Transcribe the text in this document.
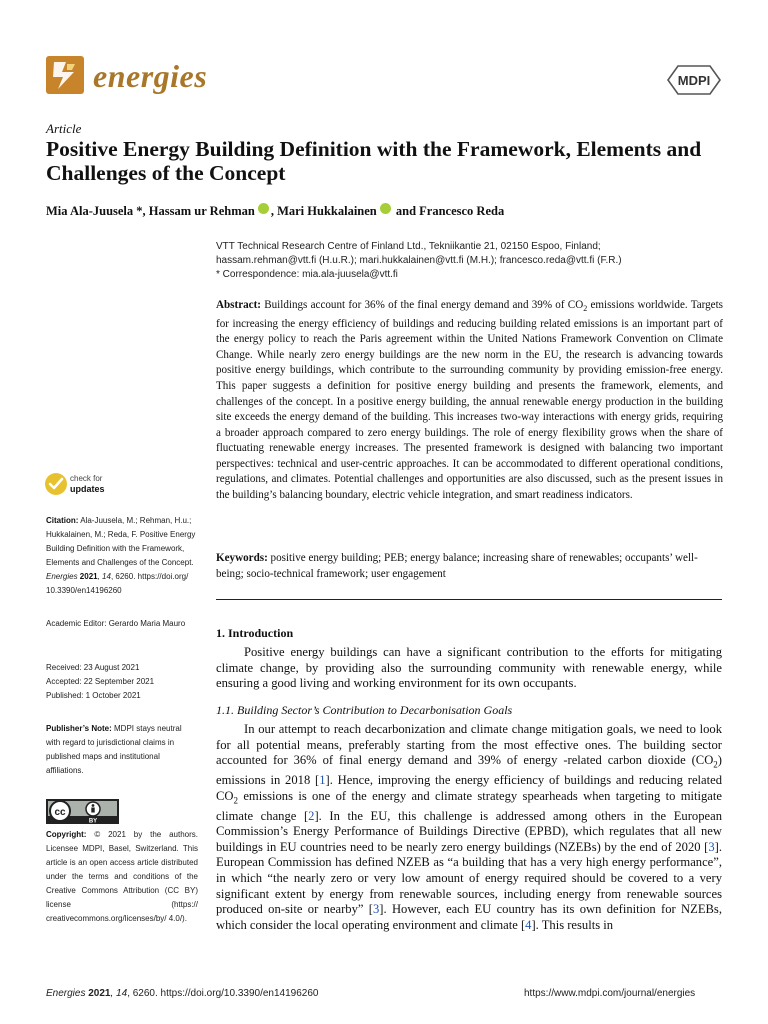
energies	MDPI
Article
Positive Energy Building Definition with the Framework, Elements and Challenges of the Concept
Mia Ala-Juusela *, Hassam ur Rehman , Mari Hukkalainen and Francesco Reda
VTT Technical Research Centre of Finland Ltd., Tekniikantie 21, 02150 Espoo, Finland;
hassam.rehman@vtt.fi (H.u.R.); mari.hukkalainen@vtt.fi (M.H.); francesco.reda@vtt.fi (F.R.)
* Correspondence: mia.ala-juusela@vtt.fi
Abstract: Buildings account for 36% of the final energy demand and 39% of $CO_2$ emissions worldwide. Targets for increasing the energy efficiency of buildings and reducing building related emissions is an important part of the energy policy to reach the Paris agreement within the United Nations Framework Convention on Climate Change. While nearly zero energy buildings are the new norm in the EU, the research is advancing towards positive energy buildings, which contribute to the surrounding community by providing emission-free energy. This paper suggests a definition for positive energy building and presents the framework, elements, and challenges of the concept. In a positive energy building, the annual renewable energy production in the building site exceeds the energy demand of the building. This increases two-way interactions with energy grids, requiring a broader approach compared to zero energy buildings. The role of energy flexibility grows when the share of fluctuating renewable energy increases. The presented framework is designed with balancing two important perspectives: technical and user-centric approaches. It can be accommodated to different operational conditions, regulations, and climates. Potential challenges and opportunities are also discussed, such as the present issues in the building’s balancing boundary, electric vehicle integration, and smart readiness indicators.
Keywords: positive energy building; PEB; energy balance; increasing share of renewables; occupants’ well-being; socio-technical framework; user engagement
1. Introduction
Positive energy buildings can have a significant contribution to the efforts for mitigating climate change, by providing also the surrounding community with renewable energy, while ensuring a good living and working environment for its own occupants.
1.1. Building Sector’s Contribution to Decarbonisation Goals
In our attempt to reach decarbonization and climate change mitigation goals, we need to look for all potential means, preferably starting from the most effective ones. The building sector accounted for 36% of final energy demand and 39% of energy -related carbon dioxide $(CO_2)$ emissions in 2018 [1]. Hence, improving the energy efficiency of buildings and reducing related $CO_2$ emissions is one of the energy and climate strategy spearheads when targeting to mitigate climate change [2]. In the EU, this challenge is addressed among others in the European Commission’s Energy Performance of Buildings Directive (EPBD), which regulates that all new buildings in EU countries need to be nearly zero energy buildings (NZEBs) by the end of 2020 [3]. European Commission has defined NZEB as “a building that has a very high energy performance”, in which “the nearly zero or very low amount of energy required should be covered to a very significant extent by energy from renewable sources, including energy from renewable sources produced on-site or nearby” [3]. However, each EU country has its own definition for NZEBs, which consider the local operating environment and climate [4]. This results in
check for
updates
Citation: Ala-Juusela, M.; Rehman, H.u.; Hukkalainen, M.; Reda, F. Positive Energy Building Definition with the Framework, Elements and Challenges of the Concept. Energies 2021, 14, 6260. https://doi.org/ 10.3390/en14196260
Academic Editor: Gerardo Maria Mauro
Received: 23 August 2021
Accepted: 22 September 2021
Published: 1 October 2021
Publisher’s Note: MDPI stays neutral with regard to jurisdictional claims in published maps and institutional affiliations.
cc
BY
Copyright: © 2021 by the authors. Licensee MDPI, Basel, Switzerland. This article is an open access article distributed under the terms and conditions of the Creative Commons Attribution (CC BY) license (https:// creativecommons.org/licenses/by/ 4.0/).
Energies 2021, 14, 6260. https://doi.org/10.3390/en14196260	https://www.mdpi.com/journal/energies
